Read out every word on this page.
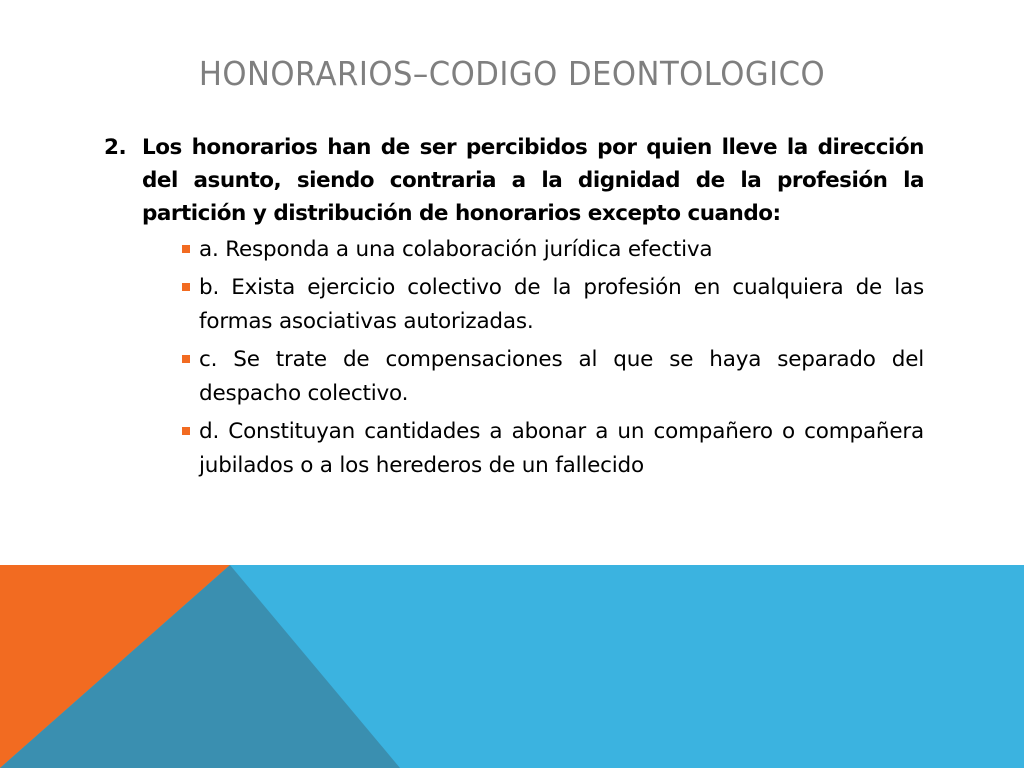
HONORARIOS–CODIGO DEONTOLOGICO
2. Los honorarios han de ser percibidos por quien lleve la dirección del asunto, siendo contraria a la dignidad de la profesión la partición y distribución de honorarios excepto cuando:
a. Responda a una colaboración jurídica efectiva
b. Exista ejercicio colectivo de la profesión en cualquiera de las formas asociativas autorizadas.
c. Se trate de compensaciones al que se haya separado del despacho colectivo.
d. Constituyan cantidades a abonar a un compañero o compañera jubilados o a los herederos de un fallecido
